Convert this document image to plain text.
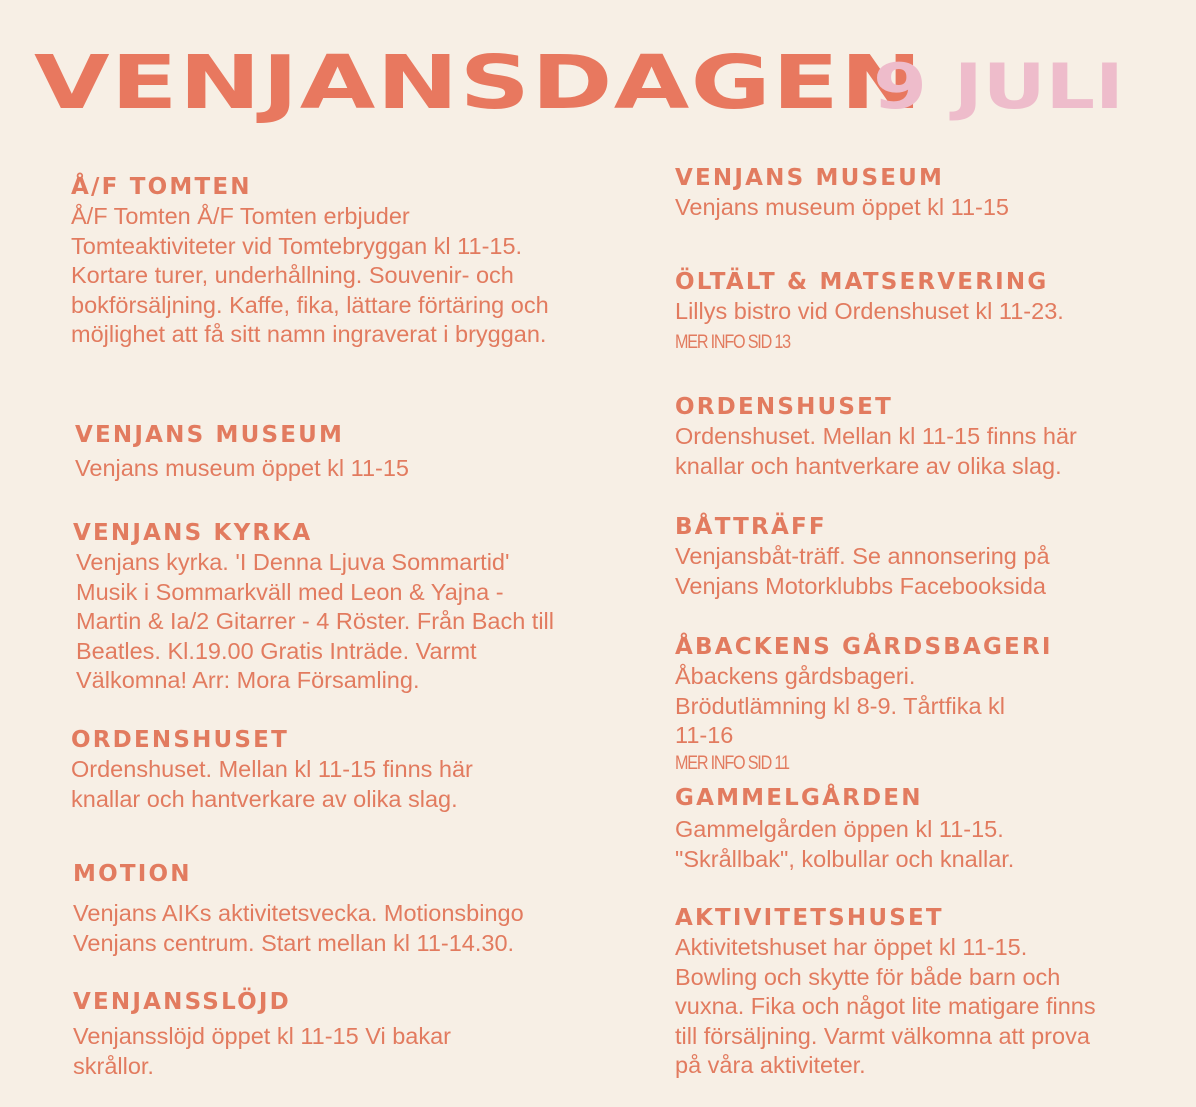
VENJANSDAGEN
9 JULI
Å/F TOMTEN

Å/F Tomten Å/F Tomten erbjuder Tomteaktiviteter vid Tomtebryggan kl 11-15. Kortare turer, underhållning. Souvenir- och bokförsäljning. Kaffe, fika, lättare förtäring och möjlighet att få sitt namn ingraverat i bryggan.

VENJANS MUSEUM

Venjans museum öppet kl 11-15

VENJANS KYRKA

Venjans kyrka. 'I Denna Ljuva Sommartid' Musik i Sommarkväll med Leon & Yajna - Martin & Ia/2 Gitarrer - 4 Röster. Från Bach till Beatles. Kl.19.00 Gratis Inträde. Varmt Välkomna! Arr: Mora Församling.

ORDENSHUSET

Ordenshuset. Mellan kl 11-15 finns här knallar och hantverkare av olika slag.

MOTION

Venjans AIKs aktivitetsvecka. Motionsbingo Venjans centrum. Start mellan kl 11-14.30.

VENJANSSLÖJD

Venjansslöjd öppet kl 11-15 Vi bakar skrållor.

VENJANS MUSEUM

Venjans museum öppet kl 11-15

ÖLTÄLT & MATSERVERING

Lillys bistro vid Ordenshuset kl 11-23.

MER INFO SID 13
ORDENSHUSET

Ordenshuset. Mellan kl 11-15 finns här knallar och hantverkare av olika slag.

BÅTTRÄFF

Venjansbåt-träff. Se annonsering på Venjans Motorklubbs Facebooksida

ÅBACKENS GÅRDSBAGERI

Åbackens gårdsbageri. Brödutlämning kl 8-9. Tårtfika kl 11-16

MER INFO SID 11
GAMMELGÅRDEN

Gammelgården öppen kl 11-15. "Skrållbak", kolbullar och knallar.

AKTIVITETSHUSET

Aktivitetshuset har öppet kl 11-15. Bowling och skytte för både barn och vuxna. Fika och något lite matigare finns till försäljning. Varmt välkomna att prova på våra aktiviteter.
